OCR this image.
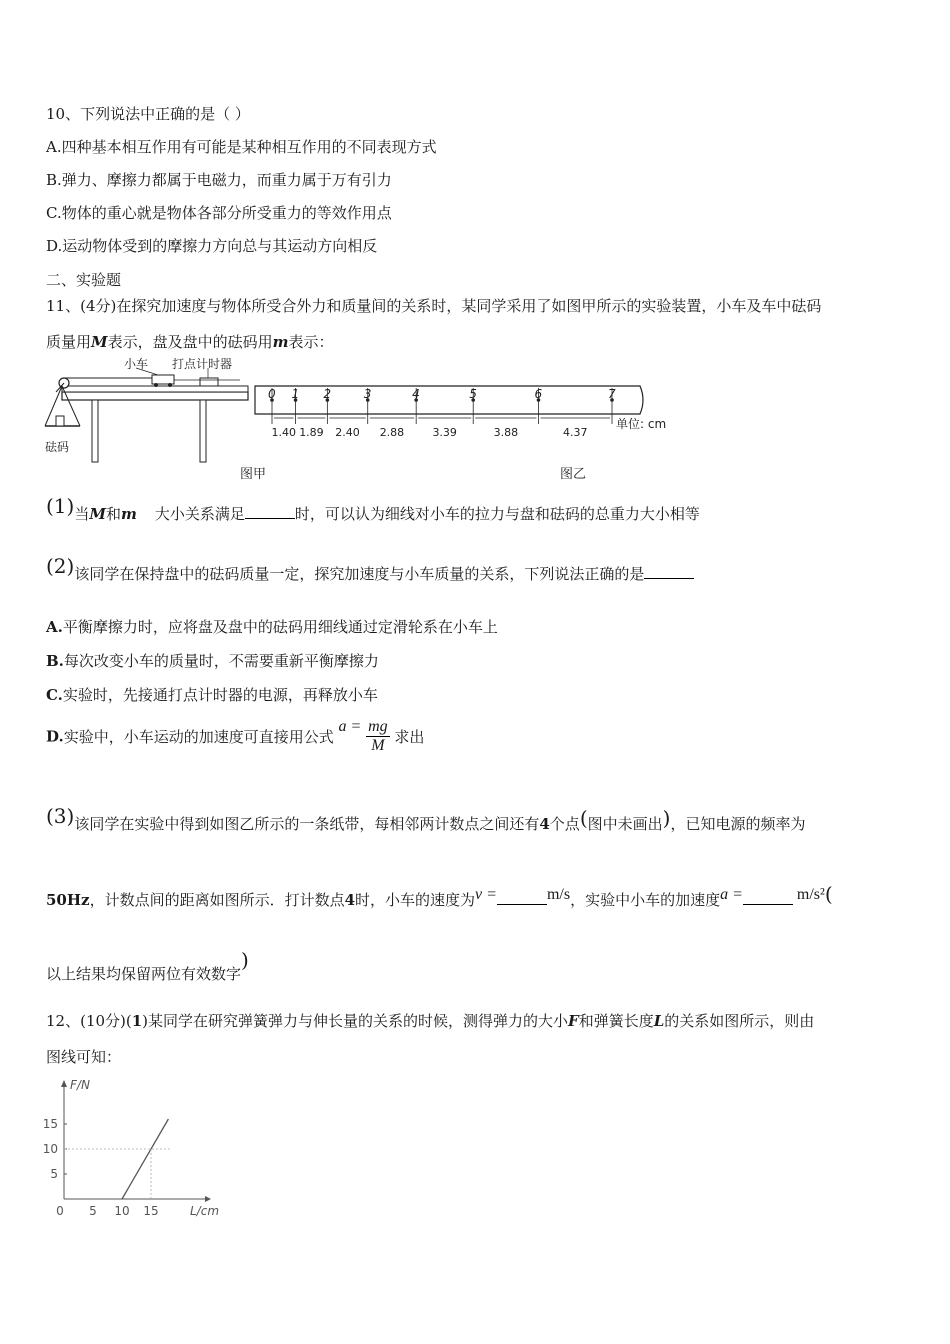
10、下列说法中正确的是（ ）
A.四种基本相互作用有可能是某种相互作用的不同表现方式
B.弹力、摩擦力都属于电磁力，而重力属于万有引力
C.物体的重心就是物体各部分所受重力的等效作用点
D.运动物体受到的摩擦力方向总与其运动方向相反
二、实验题
11、(4分)在探究加速度与物体所受合外力和质量间的关系时，某同学采用了如图甲所示的实验装置，小车及车中砝码
质量用M表示，盘及盘中的砝码用m表示：
小车 打点计时器
砝码
图甲
0 1 2	3	4	5	6	7
1.40 1.89 2.40 2.88	3.39	3.88	4.37
单位: cm
图乙
(1)当M和m 大小关系满足	时，可以认为细线对小车的拉力与盘和砝码的总重力大小相等
(2)该同学在保持盘中的砝码质量一定，探究加速度与小车质量的关系，下列说法正确的是
A.平衡摩擦力时，应将盘及盘中的砝码用细线通过定滑轮系在小车上
B.每次改变小车的质量时，不需要重新平衡摩擦力
C.实验时，先接通打点计时器的电源，再释放小车
D.实验中，小车运动的加速度可直接用公式 $a = \frac{mg}{M}$ 求出
(3)该同学在实验中得到如图乙所示的一条纸带，每相邻两计数点之间还有4个点(图中未画出)，已知电源的频率为
50Hz，计数点间的距离如图所示．打计数点4时，小车的速度为v =	m/s，实验中小车的加速度a =	m/s²(
以上结果均保留两位有效数字)
12、(10分)(1)某同学在研究弹簧弹力与伸长量的关系的时候，测得弹力的大小F和弹簧长度L的关系如图所示，则由
图线可知：
L/cm
F/N
0 5 10 15
5
10
15
